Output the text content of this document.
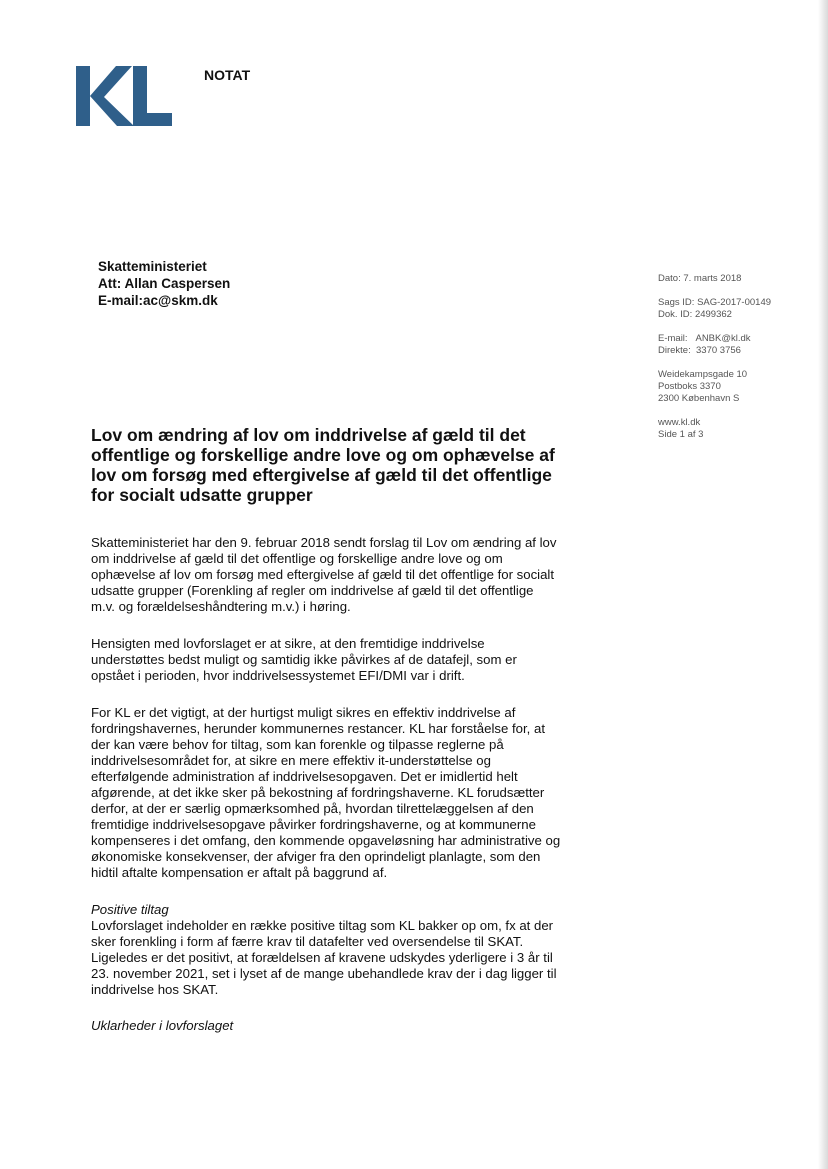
NOTAT
Skatteministeriet
Att: Allan Caspersen
E-mail:ac@skm.dk
Dato: 7. marts 2018
Sags ID: SAG-2017-00149
Dok. ID: 2499362
E-mail: ANBK@kl.dk
Direkte: 3370 3756
Weidekampsgade 10
Postboks 3370
2300 København S
www.kl.dk
Side 1 af 3
Lov om ændring af lov om inddrivelse af gæld til det offentlige og forskellige andre love og om ophævelse af lov om forsøg med eftergivelse af gæld til det offentlige for socialt udsatte grupper

Skatteministeriet har den 9. februar 2018 sendt forslag til Lov om ændring af lov om inddrivelse af gæld til det offentlige og forskellige andre love og om ophævelse af lov om forsøg med eftergivelse af gæld til det offentlige for socialt udsatte grupper (Forenkling af regler om inddrivelse af gæld til det offentlige m.v. og forældelseshåndtering m.v.) i høring.

Hensigten med lovforslaget er at sikre, at den fremtidige inddrivelse understøttes bedst muligt og samtidig ikke påvirkes af de datafejl, som er opstået i perioden, hvor inddrivelsessystemet EFI/DMI var i drift.

For KL er det vigtigt, at der hurtigst muligt sikres en effektiv inddrivelse af fordringshavernes, herunder kommunernes restancer. KL har forståelse for, at der kan være behov for tiltag, som kan forenkle og tilpasse reglerne på inddrivelsesområdet for, at sikre en mere effektiv it-understøttelse og efterfølgende administration af inddrivelsesopgaven. Det er imidlertid helt afgørende, at det ikke sker på bekostning af fordringshaverne. KL forudsætter derfor, at der er særlig opmærksomhed på, hvordan tilrettelæggelsen af den fremtidige inddrivelsesopgave påvirker fordringshaverne, og at kommunerne kompenseres i det omfang, den kommende opgaveløsning har administrative og økonomiske konsekvenser, der afviger fra den oprindeligt planlagte, som den hidtil aftalte kompensation er aftalt på baggrund af.

Positive tiltag

Lovforslaget indeholder en række positive tiltag som KL bakker op om, fx at der sker forenkling i form af færre krav til datafelter ved oversendelse til SKAT. Ligeledes er det positivt, at forældelsen af kravene udskydes yderligere i 3 år til 23. november 2021, set i lyset af de mange ubehandlede krav der i dag ligger til inddrivelse hos SKAT.

Uklarheder i lovforslaget
